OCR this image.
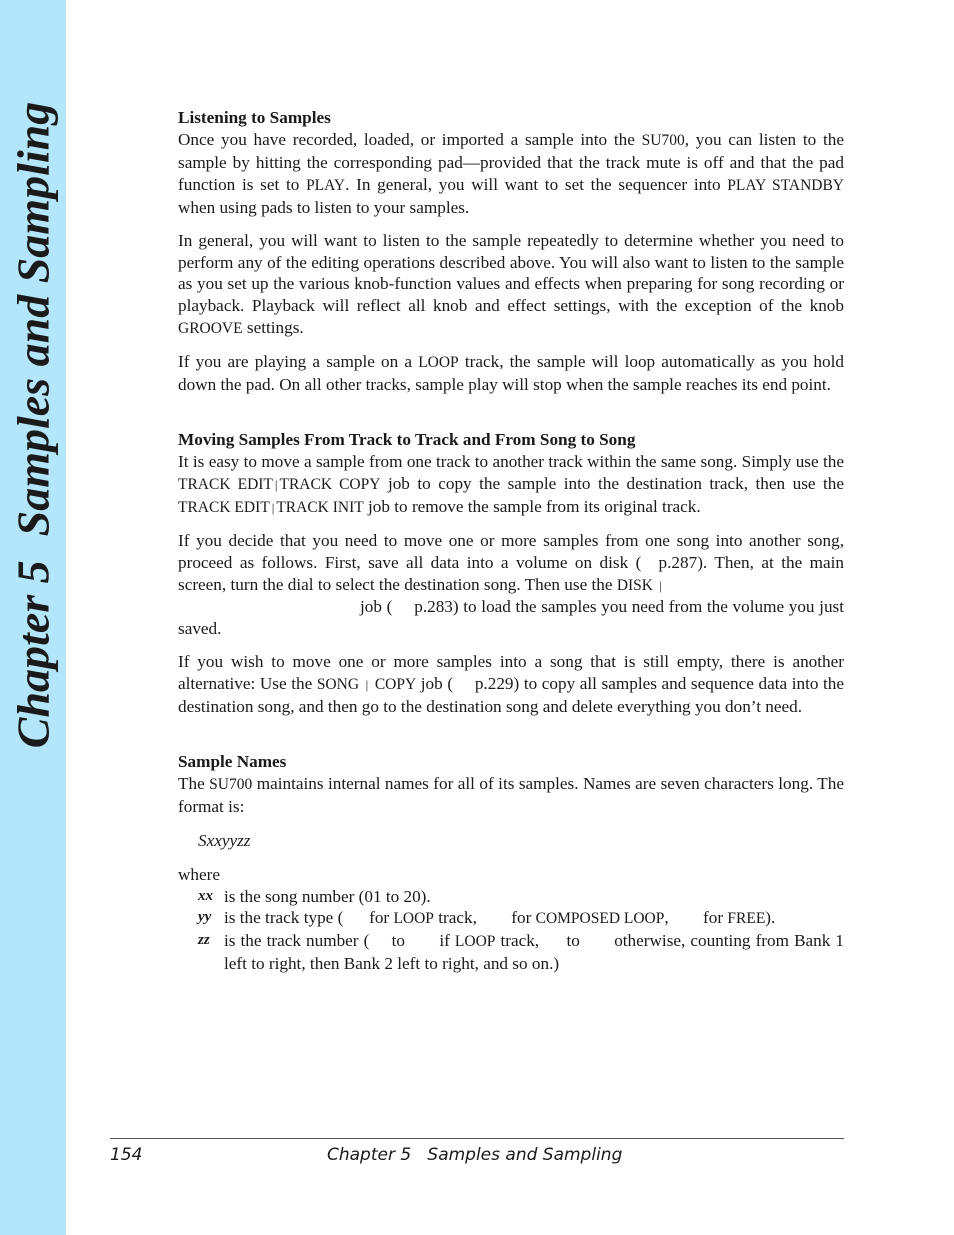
Chapter 5Samples and Sampling	Listening to Samples

Once you have recorded, loaded, or imported a sample into the SU700, you can listen to the sample by hitting the corresponding pad—provided that the track mute is off and that the pad function is set to PLAY. In general, you will want to set the sequencer into PLAY STANDBY when using pads to listen to your samples.

In general, you will want to listen to the sample repeatedly to determine whether you need to perform any of the editing operations described above. You will also want to listen to the sample as you set up the various knob-function values and effects when preparing for song recording or playback. Playback will reflect all knob and effect settings, with the exception of the knob GROOVE settings.

If you are playing a sample on a LOOP track, the sample will loop automatically as you hold down the pad. On all other tracks, sample play will stop when the sample reaches its end point.

Moving Samples From Track to Track and From Song to Song

It is easy to move a sample from one track to another track within the same song. Simply use the TRACK EDIT | TRACK COPY job to copy the sample into the destination track, then use the TRACK EDIT | TRACK INIT job to remove the sample from its original track.

If you decide that you need to move one or more samples from one song into another song, proceed as follows. First, save all data into a volume on disk (  p.287). Then, at the main screen, turn the dial to select the destination song. Then use the DISK |
job (  p.283) to load the samples you need from the volume you just saved.

If you wish to move one or more samples into a song that is still empty, there is another alternative: Use the SONG | COPY job (  p.229) to copy all samples and sequence data into the destination song, and then go to the destination song and delete everything you don’t need.

Sample Names

The SU700 maintains internal names for all of its samples. Names are seven characters long. The format is:

Sxxyyzz
where
xx is the song number (01 to 20).
yy is the track type (  for LOOP track,   for COMPOSED LOOP,   for FREE).
zz is the track number (  to   if LOOP track,  to   otherwise, counting from Bank 1 left to right, then Bank 2 left to right, and so on.)
154	Chapter 5   Samples and Sampling
